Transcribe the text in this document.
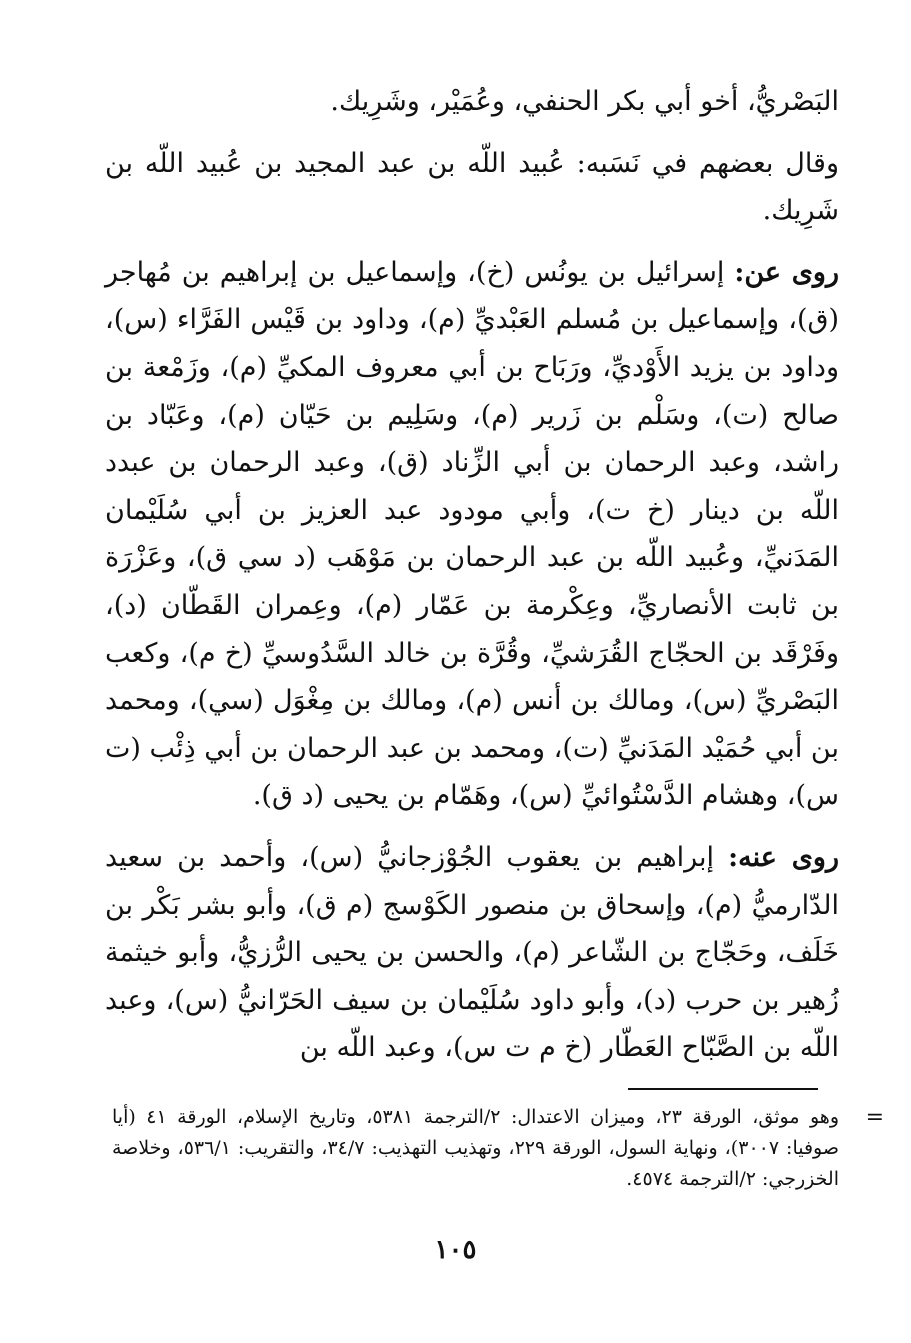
البَصْريُّ، أخو أبي بكر الحنفي، وعُمَيْر، وشَرِيك.

وقال بعضهم في نَسَبه: عُبيد اللّه بن عبد المجيد بن عُبيد اللّه بن شَرِيك.

روى عن: إسرائيل بن يونُس (خ)، وإسماعيل بن إبراهيم بن مُهاجر (ق)، وإسماعيل بن مُسلم العَبْديِّ (م)، وداود بن قَيْس الفَرَّاء (س)، وداود بن يزيد الأَوْديِّ، ورَبَاح بن أبي معروف المكيِّ (م)، وزَمْعة بن صالح (ت)، وسَلْم بن زَرير (م)، وسَلِيم بن حَيّان (م)، وعَبّاد بن راشد، وعبد الرحمان بن أبي الزِّناد (ق)، وعبد الرحمان بن عبدد اللّه بن دينار (خ ت)، وأبي مودود عبد العزيز بن أبي سُلَيْمان المَدَنيِّ، وعُبيد اللّه بن عبد الرحمان بن مَوْهَب (د سي ق)، وعَزْرَة بن ثابت الأنصاريِّ، وعِكْرمة بن عَمّار (م)، وعِمران القَطّان (د)، وفَرْقَد بن الحجّاج القُرَشيِّ، وقُرَّة بن خالد السَّدُوسيِّ (خ م)، وكعب البَصْريِّ (س)، ومالك بن أنس (م)، ومالك بن مِغْوَل (سي)، ومحمد بن أبي حُمَيْد المَدَنيِّ (ت)، ومحمد بن عبد الرحمان بن أبي ذِئْب (ت س)، وهشام الدَّسْتُوائيِّ (س)، وهَمّام بن يحيى (د ق).

روى عنه: إبراهيم بن يعقوب الجُوْزجانيُّ (س)، وأحمد بن سعيد الدّارميُّ (م)، وإسحاق بن منصور الكَوْسج (م ق)، وأبو بشر بَكْر بن خَلَف، وحَجّاج بن الشّاعر (م)، والحسن بن يحيى الرُّزيُّ، وأبو خيثمة زُهير بن حرب (د)، وأبو داود سُلَيْمان بن سيف الحَرّانيُّ (س)، وعبد اللّه بن الصَّبّاح العَطّار (خ م ت س)، وعبد اللّه بن

=
وهو موثق، الورقة ٢٣، وميزان الاعتدال: ٢/الترجمة ٥٣٨١، وتاريخ الإسلام، الورقة ٤١ (أيا صوفيا: ٣٠٠٧)، ونهاية السول، الورقة ٢٢٩، وتهذيب التهذيب: ٣٤/٧، والتقريب: ٥٣٦/١، وخلاصة الخزرجي: ٢/الترجمة ٤٥٧٤.
١٠٥
